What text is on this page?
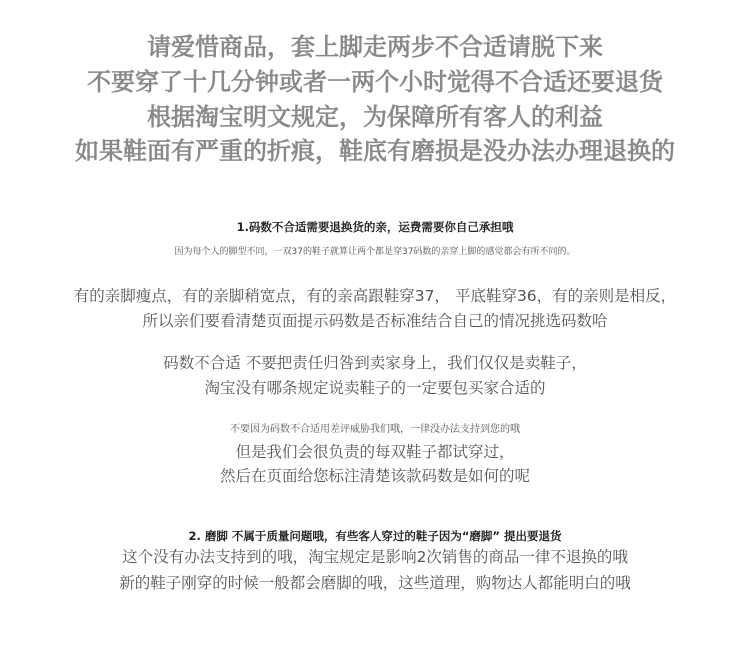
请爱惜商品，套上脚走两步不合适请脱下来

不要穿了十几分钟或者一两个小时觉得不合适还要退货

根据淘宝明文规定，为保障所有客人的利益

如果鞋面有严重的折痕，鞋底有磨损是没办法办理退换的

1.码数不合适需要退换货的亲，运费需要你自己承担哦

因为每个人的脚型不同，一双37的鞋子就算让两个都是穿37码数的亲穿上脚的感觉都会有所不同的。

有的亲脚瘦点，有的亲脚稍宽点，有的亲高跟鞋穿37， 平底鞋穿36，有的亲则是相反，

所以亲们要看清楚页面提示码数是否标准结合自己的情况挑选码数哈

码数不合适 不要把责任归咎到卖家身上，我们仅仅是卖鞋子，

淘宝没有哪条规定说卖鞋子的一定要包买家合适的

不要因为码数不合适用差评威胁我们哦，一律没办法支持到您的哦

但是我们会很负责的每双鞋子都试穿过，

然后在页面给您标注清楚该款码数是如何的呢

2. 磨脚 不属于质量问题哦，有些客人穿过的鞋子因为“磨脚” 提出要退货

这个没有办法支持到的哦，淘宝规定是影响2次销售的商品一律不退换的哦

新的鞋子刚穿的时候一般都会磨脚的哦，这些道理，购物达人都能明白的哦
